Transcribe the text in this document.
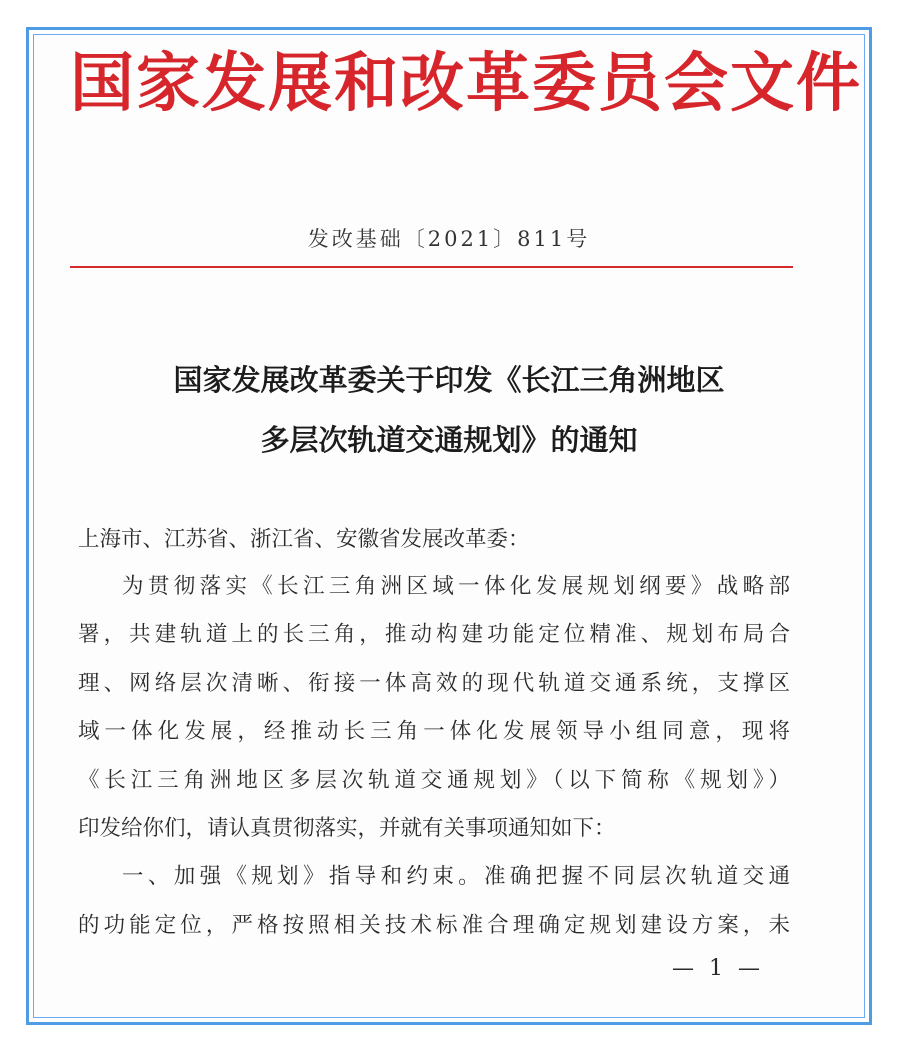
国家发展和改革委员会文件
发改基础〔2021〕811号
国家发展改革委关于印发《长江三角洲地区
多层次轨道交通规划》的通知
上海市、江苏省、浙江省、安徽省发展改革委：
为贯彻落实《长江三角洲区域一体化发展规划纲要》战略部
署，共建轨道上的长三角，推动构建功能定位精准、规划布局合
理、网络层次清晰、衔接一体高效的现代轨道交通系统，支撑区
域一体化发展，经推动长三角一体化发展领导小组同意，现将
《长江三角洲地区多层次轨道交通规划》（以下简称《规划》）
印发给你们，请认真贯彻落实，并就有关事项通知如下：
一、加强《规划》指导和约束。准确把握不同层次轨道交通
的功能定位，严格按照相关技术标准合理确定规划建设方案，未
— 1 —
